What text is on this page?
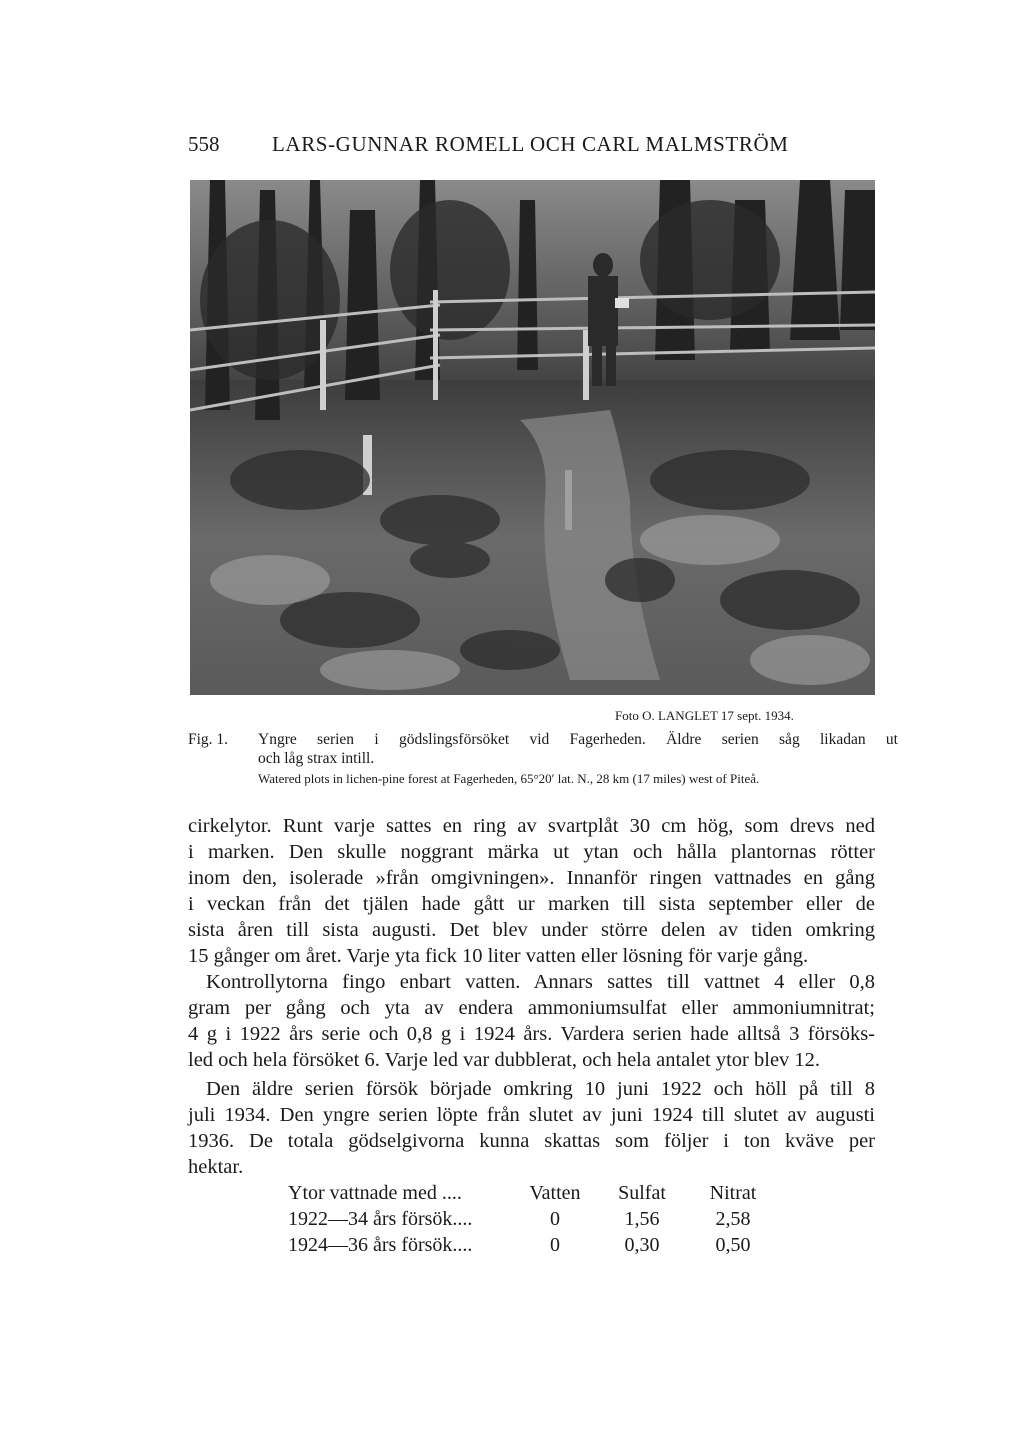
558	LARS-GUNNAR ROMELL OCH CARL MALMSTRÖM
Foto O. LANGLET 17 sept. 1934.
Fig. 1. Yngre serien i gödslingsförsöket vid Fagerheden. Äldre serien såg likadan ut
och låg strax intill.
Watered plots in lichen-pine forest at Fagerheden, 65°20′ lat. N., 28 km (17 miles) west of Piteå.
cirkelytor. Runt varje sattes en ring av svartplåt 30 cm hög, som drevs ned
i marken. Den skulle noggrant märka ut ytan och hålla plantornas rötter
inom den, isolerade »från omgivningen». Innanför ringen vattnades en gång
i veckan från det tjälen hade gått ur marken till sista september eller de
sista åren till sista augusti. Det blev under större delen av tiden omkring
15 gånger om året. Varje yta fick 10 liter vatten eller lösning för varje gång.
Kontrollytorna fingo enbart vatten. Annars sattes till vattnet 4 eller 0,8
gram per gång och yta av endera ammoniumsulfat eller ammoniumnitrat;
4 g i 1922 års serie och 0,8 g i 1924 års. Vardera serien hade alltså 3 försöks-
led och hela försöket 6. Varje led var dubblerat, och hela antalet ytor blev 12.
Den äldre serien försök började omkring 10 juni 1922 och höll på till 8
juli 1934. Den yngre serien löpte från slutet av juni 1924 till slutet av augusti
1936. De totala gödselgivorna kunna skattas som följer i ton kväve per
hektar.
Ytor vattnade med ....	Vatten	Sulfat	Nitrat
1922—34 års försök....	0	1,56	2,58
1924—36 års försök....	0	0,30	0,50
